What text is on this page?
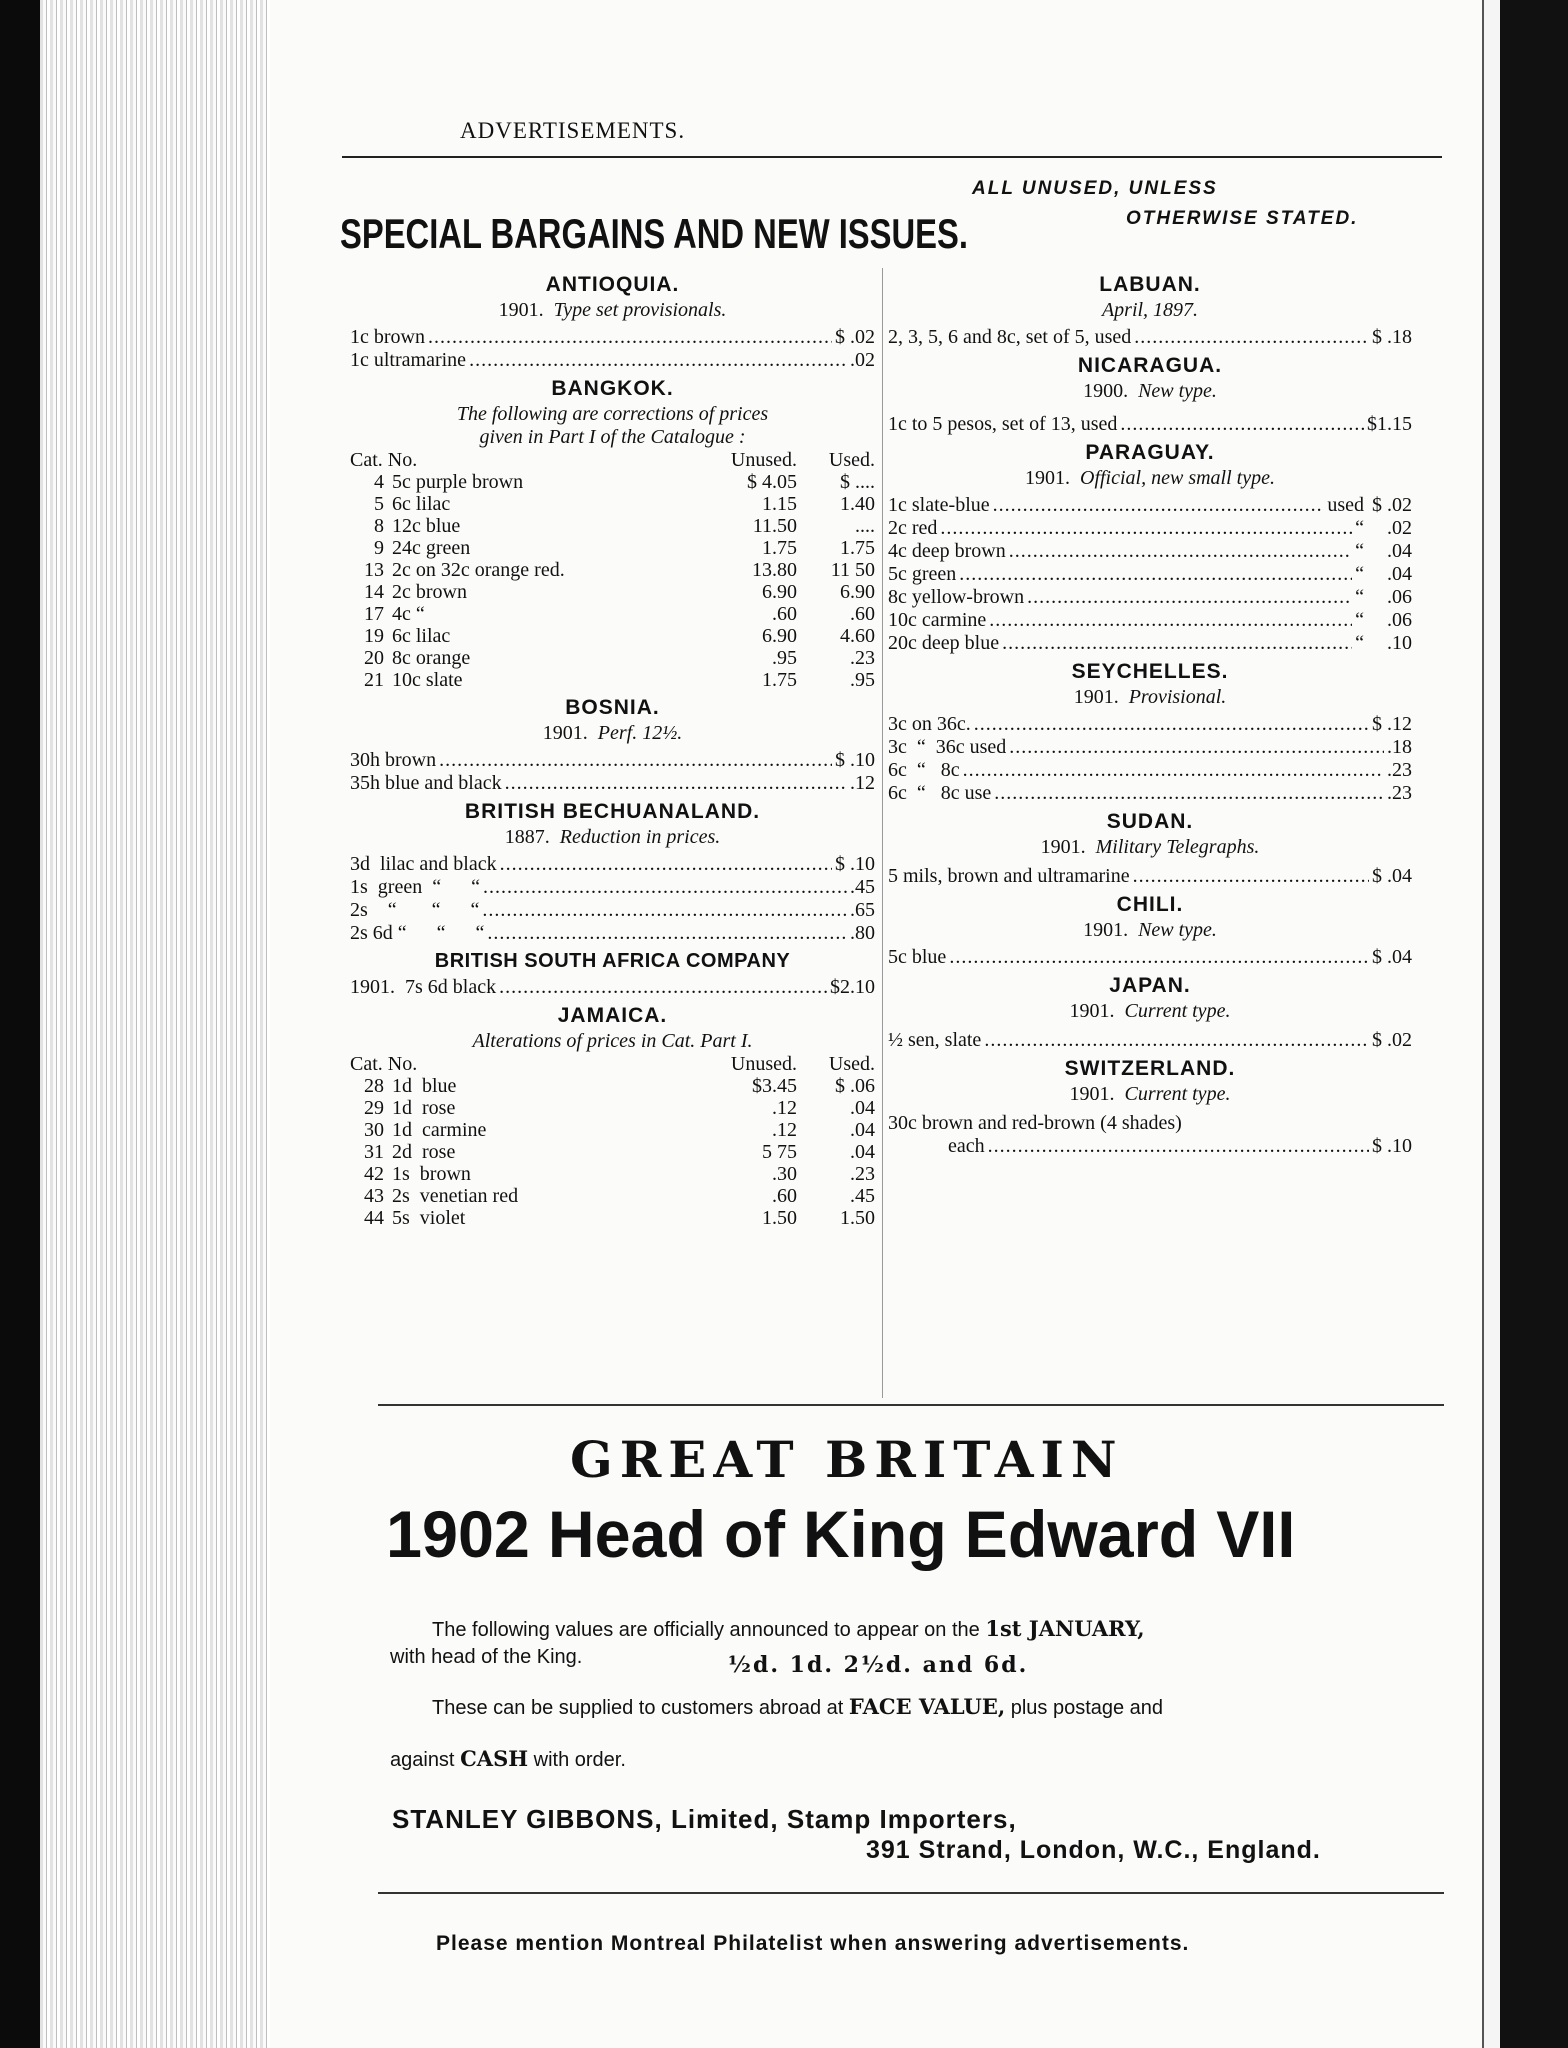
ADVERTISEMENTS.
SPECIAL BARGAINS AND NEW ISSUES.
ALL UNUSED, UNLESS
OTHERWISE STATED.
ANTIOQUIA.
1901. Type set provisionals.
1c brown . . .	$ .02
1c ultramarine . . .	.02
BANGKOK.
The following are corrections of prices
given in Part I of the Catalogue :
Cat. No.		Unused.	Used.
4	5c purple brown	$ 4.05	$ ....
5	6c lilac	1.15	1.40
8	12c blue	11.50	....
9	24c green	1.75	1.75
13	2c on 32c orange red.	13.80	11 50
14	2c brown	6.90	6.90
17	4c “	.60	.60
19	6c lilac	6.90	4.60
20	8c orange	.95	.23
21	10c slate	1.75	.95
BOSNIA.
1901. Perf. 12½.
30h brown . . .	$ .10
35h blue and black . . .	.12
BRITISH BECHUANALAND.
1887. Reduction in prices.
3d  lilac and black . . .	$ .10
1s  green  “      “ . . .	.45
2s    “       “      “ . . .	.65
2s 6d “      “      “ . . .	.80
BRITISH SOUTH AFRICA COMPANY
1901.  7s 6d black . . .	$2.10
JAMAICA.
Alterations of prices in Cat. Part I.
Cat. No.		Unused.	Used.
28	1d  blue	$3.45	$ .06
29	1d  rose	.12	.04
30	1d  carmine	.12	.04
31	2d  rose	5 75	.04
42	1s  brown	.30	.23
43	2s  venetian red	.60	.45
44	5s  violet	1.50	1.50
LABUAN.
April, 1897.
2, 3, 5, 6 and 8c, set of 5, used . . .	$ .18
NICARAGUA.
1900. New type.
1c to 5 pesos, set of 13, used . . .	$1.15
PARAGUAY.
1901. Official, new small type.
1c slate-blue . . .	used $ .02
2c red . . .	“	.02
4c deep brown . . .	“	.04
5c green . . .	“	.04
8c yellow-brown . . .	“	.06
10c carmine . . .	“	.06
20c deep blue . . .	“	.10
SEYCHELLES.
1901. Provisional.
3c on 36c. . . .	$ .12
3c  “  36c used . . .	.18
6c  “   8c . . .	.23
6c  “   8c use . . .	.23
SUDAN.
1901. Military Telegraphs.
5 mils, brown and ultramarine . . .	$ .04
CHILI.
1901. New type.
5c blue . . .	$ .04
JAPAN.
1901. Current type.
½ sen, slate . . .	$ .02
SWITZERLAND.
1901. Current type.
30c brown and red-brown (4 shades)
each . . .	$ .10
GREAT BRITAIN
1902 Head of King Edward VII
The following values are officially announced to appear on the 1st JANUARY,
with head of the King.	½d. 1d. 2½d. and 6d.
These can be supplied to customers abroad at FACE VALUE, plus postage and
against CASH with order.
STANLEY GIBBONS, Limited, Stamp Importers,
391 Strand, London, W.C., England.
Please mention Montreal Philatelist when answering advertisements.
